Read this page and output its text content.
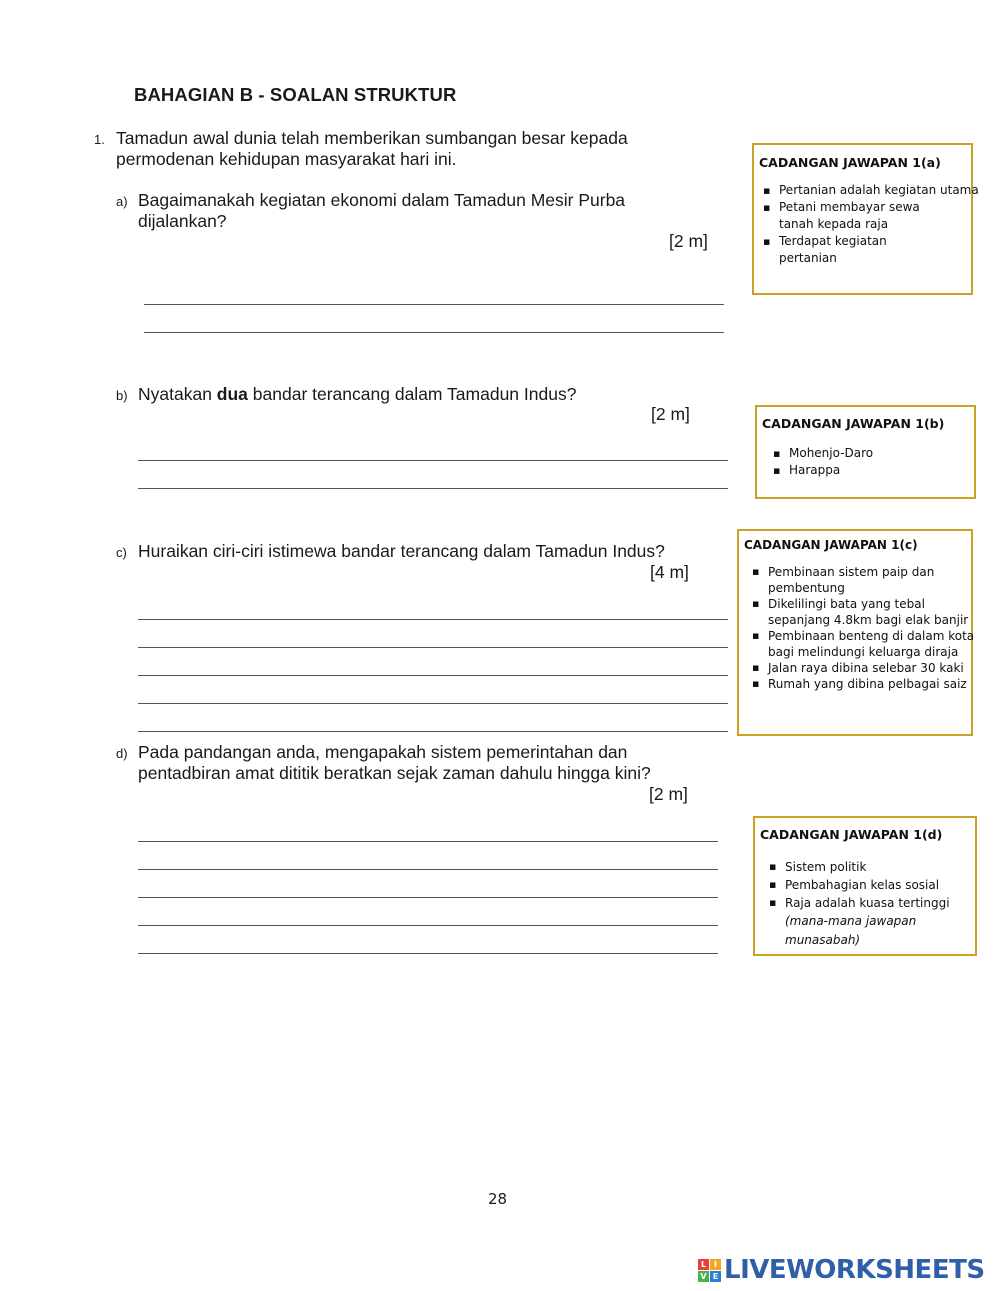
BAHAGIAN B - SOALAN STRUKTUR
1. Tamadun awal dunia telah memberikan sumbangan besar kepada
permodenan kehidupan masyarakat hari ini.
a) Bagaimanakah kegiatan ekonomi dalam Tamadun Mesir Purba
dijalankan?
[2 m]
CADANGAN JAWAPAN 1(a)
▪ Pertanian adalah kegiatan utama
▪ Petani membayar sewa
tanah kepada raja
▪ Terdapat kegiatan
pertanian
b) Nyatakan dua bandar terancang dalam Tamadun Indus?
[2 m]	CADANGAN JAWAPAN 1(b)
▪ Mohenjo-Daro
▪ Harappa
c) Huraikan ciri-ciri istimewa bandar terancang dalam Tamadun Indus?
[4 m]
CADANGAN JAWAPAN 1(c)
▪ Pembinaan sistem paip dan
pembentung
▪ Dikelilingi bata yang tebal
sepanjang 4.8km bagi elak banjir
▪ Pembinaan benteng di dalam kota
bagi melindungi keluarga diraja
▪ Jalan raya dibina selebar 30 kaki
▪ Rumah yang dibina pelbagai saiz
d) Pada pandangan anda, mengapakah sistem pemerintahan dan
pentadbiran amat dititik beratkan sejak zaman dahulu hingga kini?
[2 m]
CADANGAN JAWAPAN 1(d)
▪ Sistem politik
▪ Pembahagian kelas sosial
▪ Raja adalah kuasa tertinggi
(mana-mana jawapan
munasabah)
28
L I
V E LIVEWORKSHEETS
